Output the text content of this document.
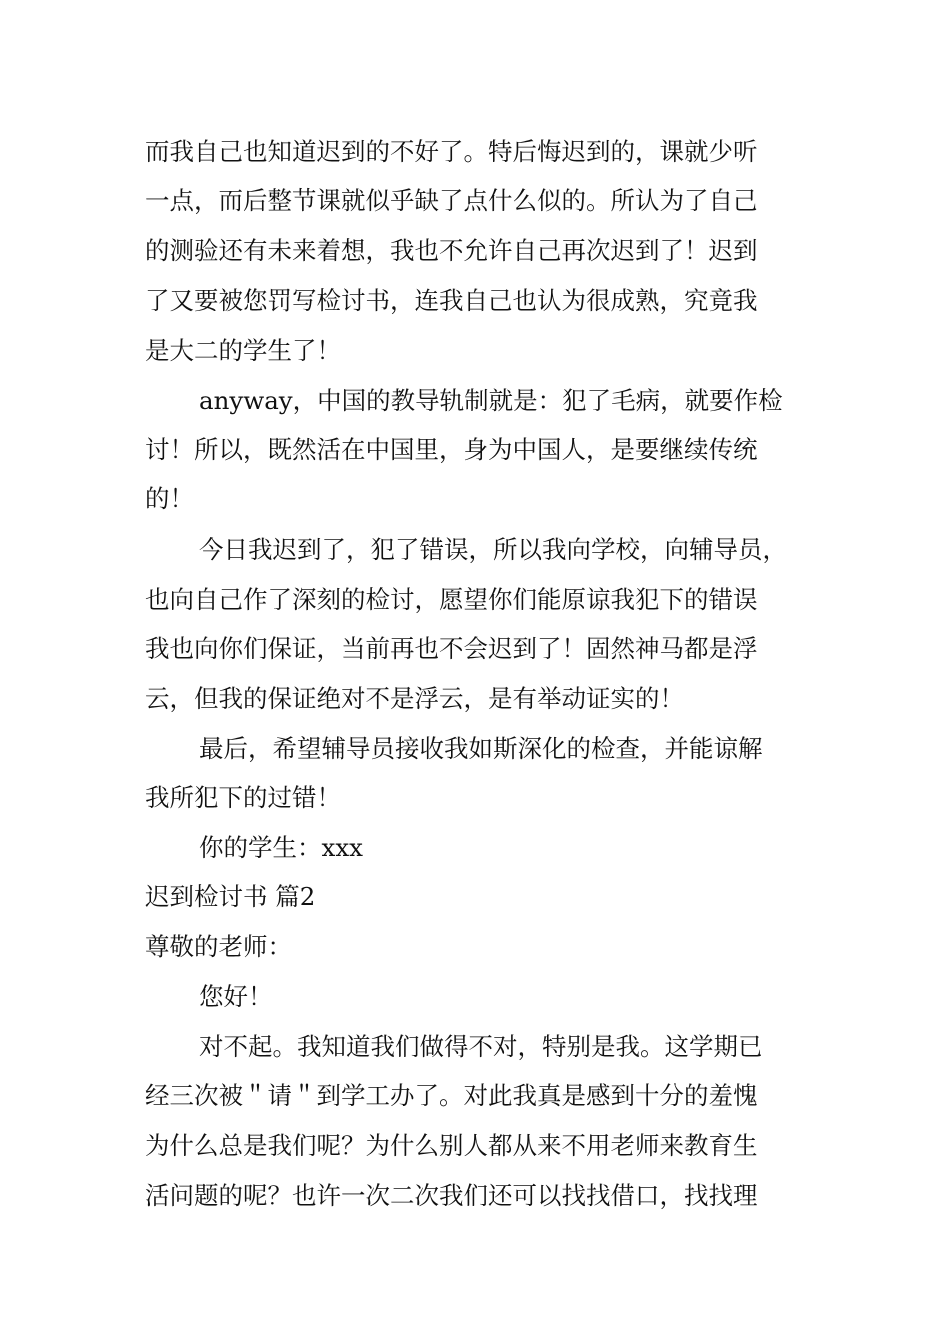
而我自己也知道迟到的不好了。特后悔迟到的，课就少听

一点，而后整节课就似乎缺了点什么似的。所认为了自己

的测验还有未来着想，我也不允许自己再次迟到了！迟到

了又要被您罚写检讨书，连我自己也认为很成熟，究竟我

是大二的学生了！

anyway，中国的教导轨制就是：犯了毛病，就要作检

讨！所以，既然活在中国里，身为中国人，是要继续传统

的！

今日我迟到了，犯了错误，所以我向学校，向辅导员，

也向自己作了深刻的检讨，愿望你们能原谅我犯下的错误

我也向你们保证，当前再也不会迟到了！固然神马都是浮

云，但我的保证绝对不是浮云，是有举动证实的！

最后，希望辅导员接收我如斯深化的检查，并能谅解

我所犯下的过错！

你的学生：xxx

迟到检讨书 篇2

尊敬的老师：

您好！

对不起。我知道我们做得不对，特别是我。这学期已

经三次被＂请＂到学工办了。对此我真是感到十分的羞愧

为什么总是我们呢？为什么别人都从来不用老师来教育生

活问题的呢？也许一次二次我们还可以找找借口，找找理
